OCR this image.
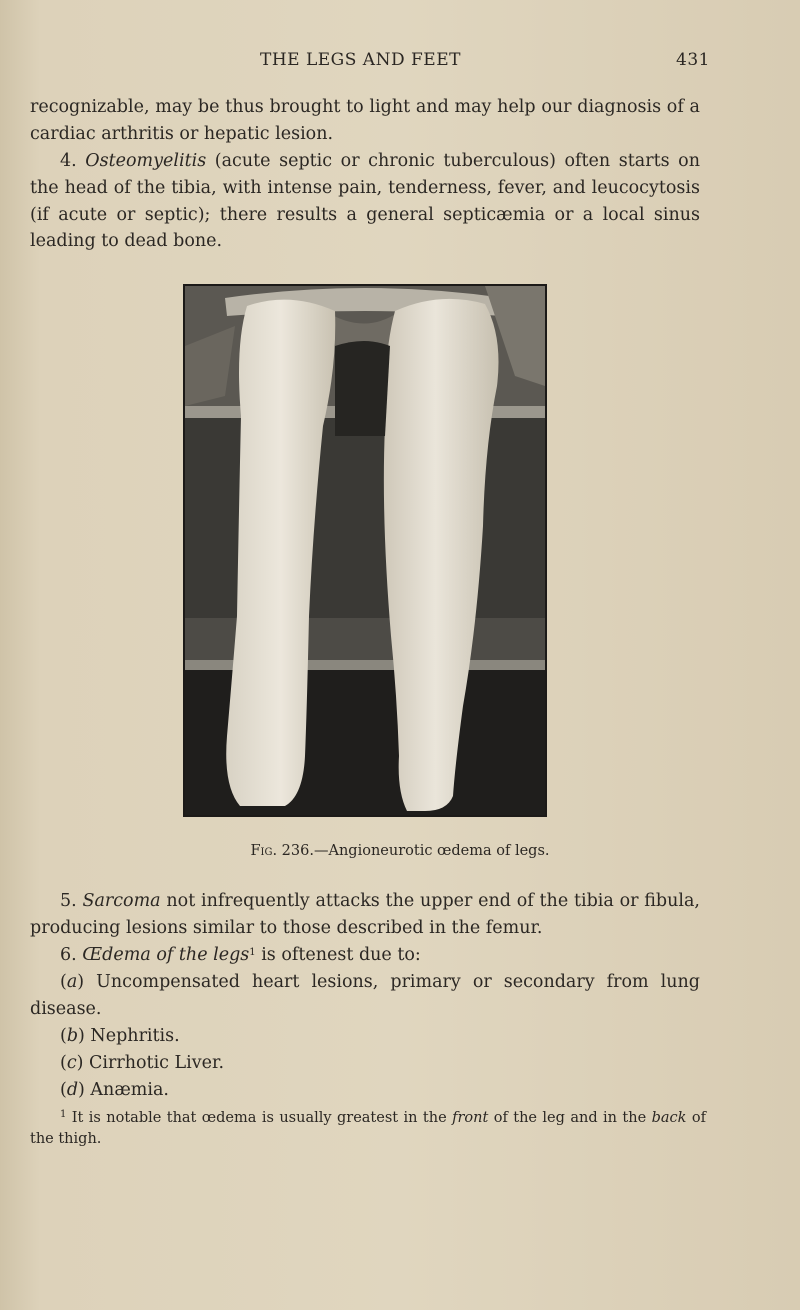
THE LEGS AND FEET	431
recognizable, may be thus brought to light and may help our diagnosis of a cardiac arthritis or hepatic lesion.
4. Osteomyelitis (acute septic or chronic tuberculous) often starts on the head of the tibia, with intense pain, tenderness, fever, and leucocytosis (if acute or septic); there results a general septicæmia or a local sinus leading to dead bone.
Fig. 236.—Angioneurotic œdema of legs.
5. Sarcoma not infrequently attacks the upper end of the tibia or fibula, producing lesions similar to those described in the femur.
6. Œdema of the legs$^1$ is oftenest due to:
(a) Uncompensated heart lesions, primary or secondary from lung disease.
(b) Nephritis.
(c) Cirrhotic Liver.
(d) Anæmia.
$^1$ It is notable that œdema is usually greatest in the front of the leg and in the back of the thigh.
